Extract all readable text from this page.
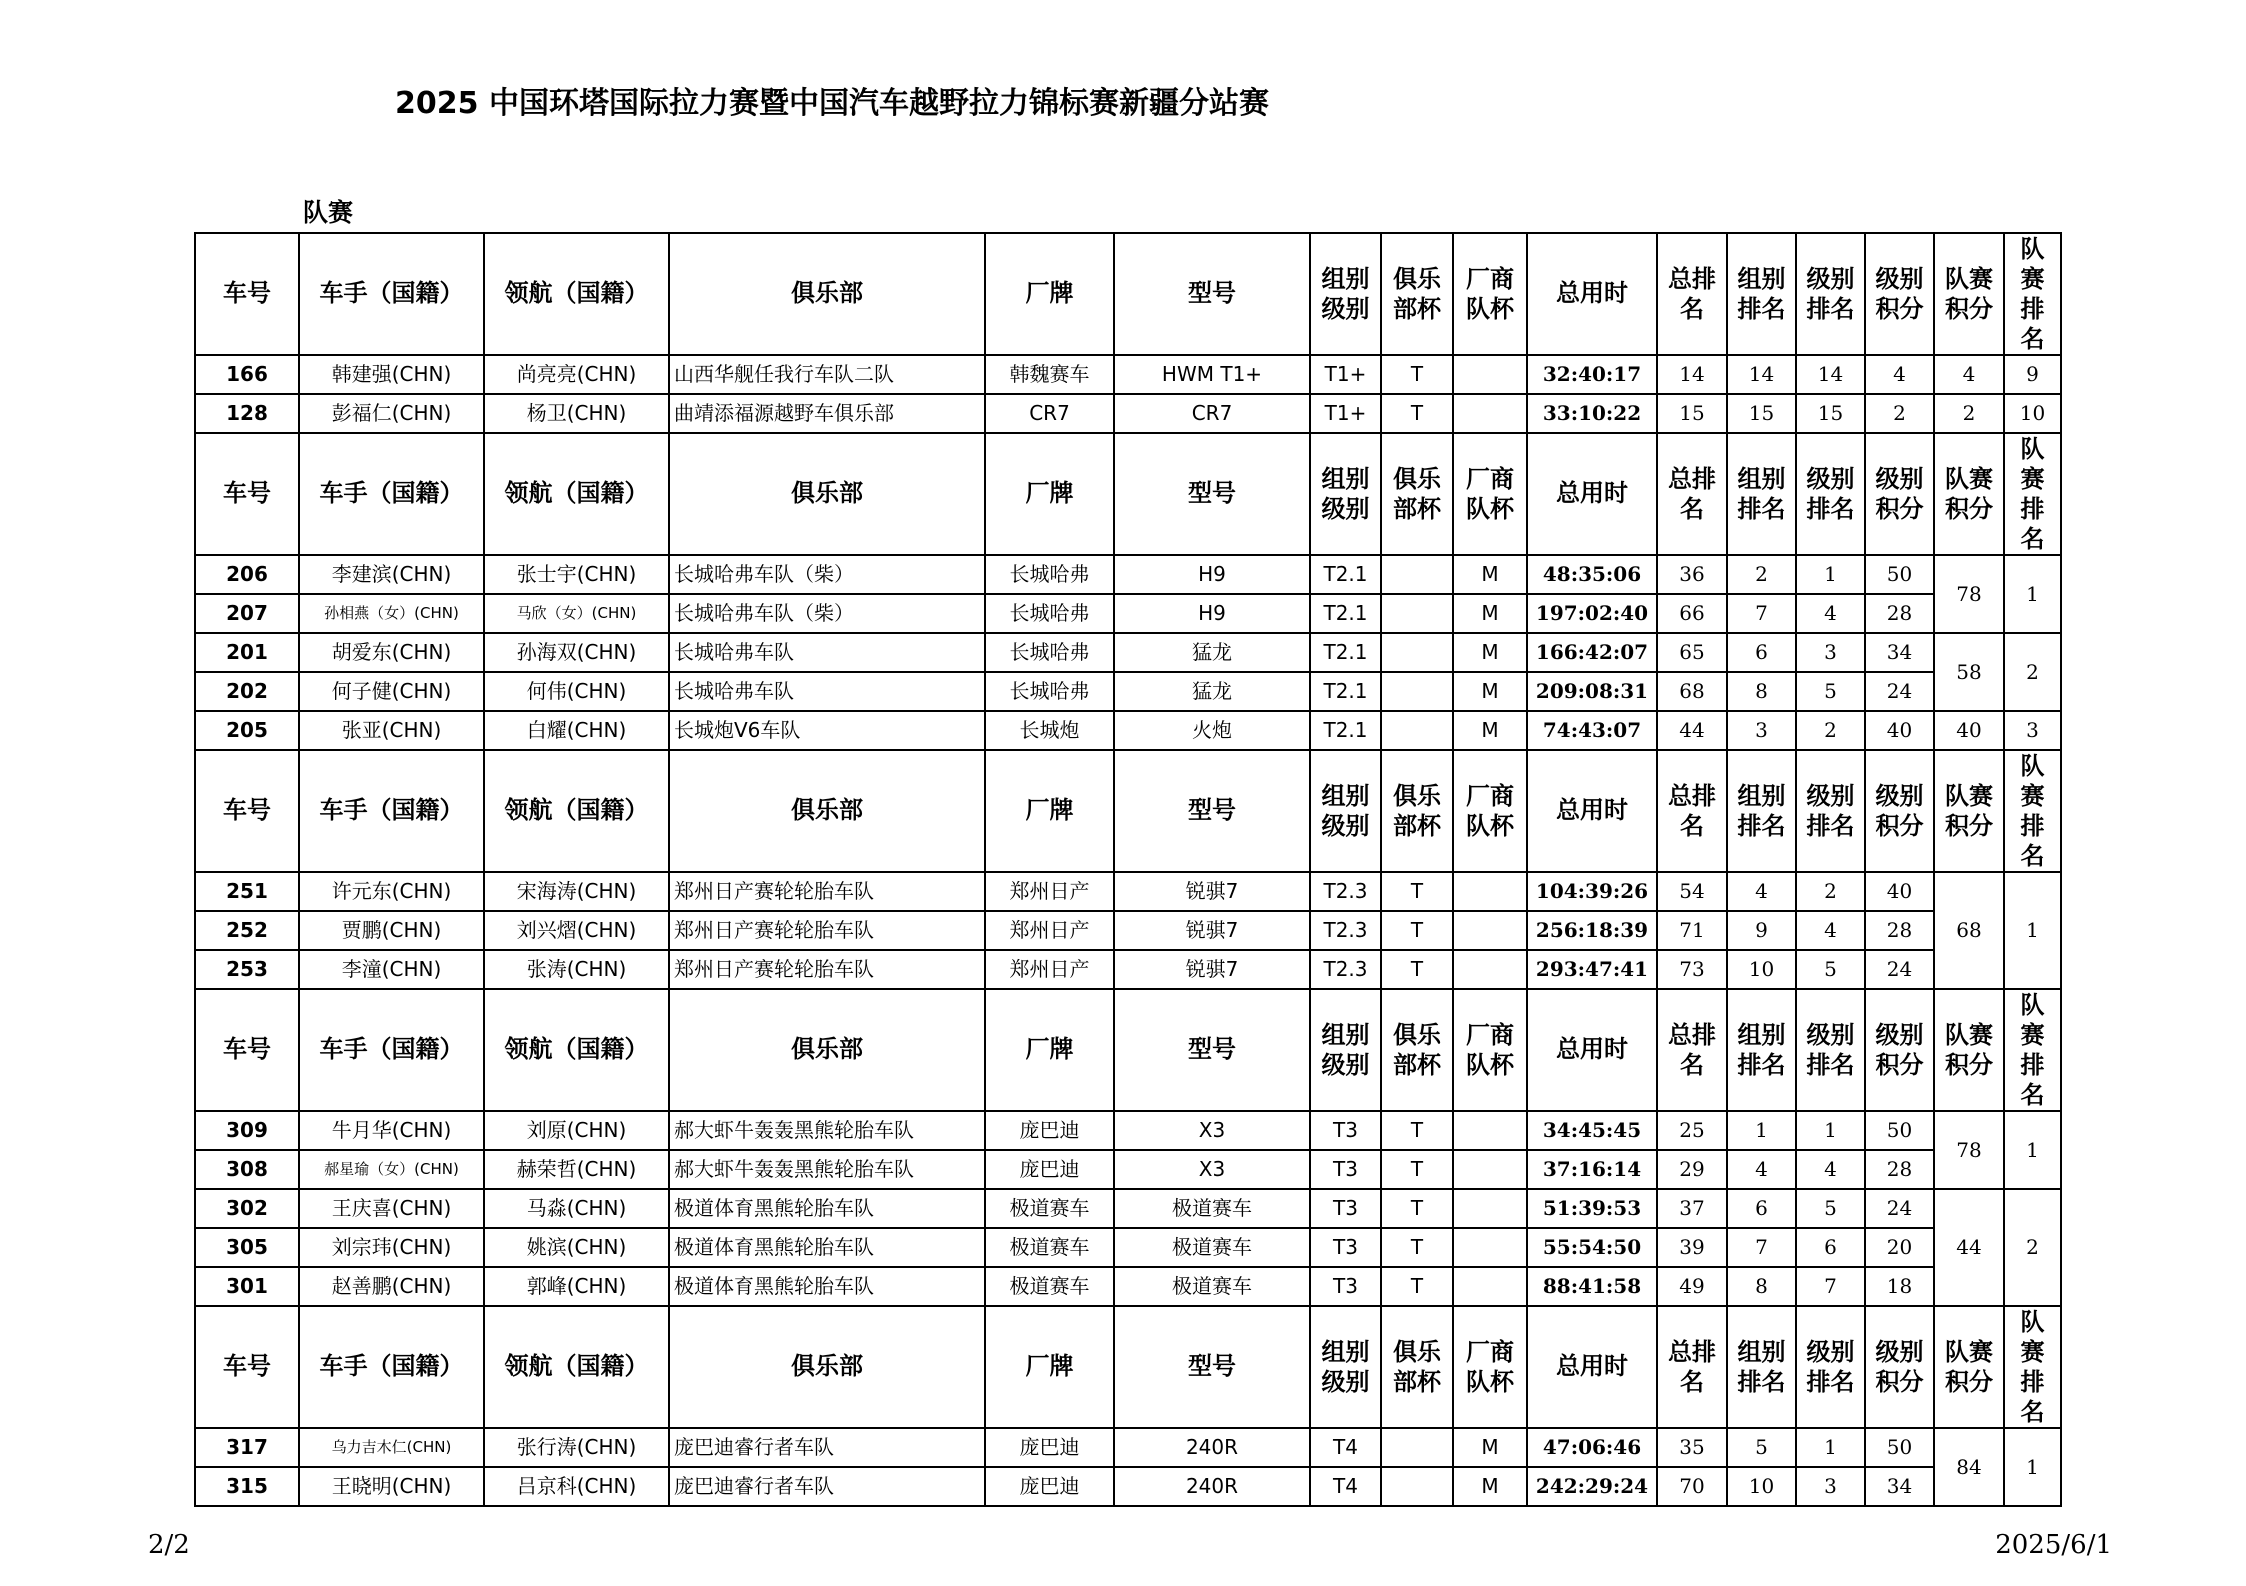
2025 中国环塔国际拉力赛暨中国汽车越野拉力锦标赛新疆分站赛
队赛
车号	车手（国籍）	领航（国籍）	俱乐部	厂牌	型号	组别级别	俱乐部杯	厂商队杯	总用时	总排名	组别排名	级别排名	级别积分	队赛积分	队赛排名
166	韩建强(CHN)	尚亮亮(CHN)	山西华舰任我行车队二队	韩魏赛车	HWM T1+	T1+	T		32:40:17	14	14	14	4	4	9
128	彭福仁(CHN)	杨卫(CHN)	曲靖添福源越野车俱乐部	CR7	CR7	T1+	T		33:10:22	15	15	15	2	2	10
车号	车手（国籍）	领航（国籍）	俱乐部	厂牌	型号	组别级别	俱乐部杯	厂商队杯	总用时	总排名	组别排名	级别排名	级别积分	队赛积分	队赛排名
206	李建滨(CHN)	张士宇(CHN)	长城哈弗车队（柴）	长城哈弗	H9	T2.1		M	48:35:06	36	2	1	50	78	1
207	孙相燕（女）(CHN)	马欣（女）(CHN)	长城哈弗车队（柴）	长城哈弗	H9	T2.1		M	197:02:40	66	7	4	28		
201	胡爱东(CHN)	孙海双(CHN)	长城哈弗车队	长城哈弗	猛龙	T2.1		M	166:42:07	65	6	3	34	58	2
202	何子健(CHN)	何伟(CHN)	长城哈弗车队	长城哈弗	猛龙	T2.1		M	209:08:31	68	8	5	24		
205	张亚(CHN)	白耀(CHN)	长城炮V6车队	长城炮	火炮	T2.1		M	74:43:07	44	3	2	40	40	3
车号	车手（国籍）	领航（国籍）	俱乐部	厂牌	型号	组别级别	俱乐部杯	厂商队杯	总用时	总排名	组别排名	级别排名	级别积分	队赛积分	队赛排名
251	许元东(CHN)	宋海涛(CHN)	郑州日产赛轮轮胎车队	郑州日产	锐骐7	T2.3	T		104:39:26	54	4	2	40	68	1
252	贾鹏(CHN)	刘兴熠(CHN)	郑州日产赛轮轮胎车队	郑州日产	锐骐7	T2.3	T		256:18:39	71	9	4	28		
253	李潼(CHN)	张涛(CHN)	郑州日产赛轮轮胎车队	郑州日产	锐骐7	T2.3	T		293:47:41	73	10	5	24		
车号	车手（国籍）	领航（国籍）	俱乐部	厂牌	型号	组别级别	俱乐部杯	厂商队杯	总用时	总排名	组别排名	级别排名	级别积分	队赛积分	队赛排名
309	牛月华(CHN)	刘原(CHN)	郝大虾牛轰轰黑熊轮胎车队	庞巴迪	X3	T3	T		34:45:45	25	1	1	50	78	1
308	郝星瑜（女）(CHN)	赫荣哲(CHN)	郝大虾牛轰轰黑熊轮胎车队	庞巴迪	X3	T3	T		37:16:14	29	4	4	28		
302	王庆喜(CHN)	马淼(CHN)	极道体育黑熊轮胎车队	极道赛车	极道赛车	T3	T		51:39:53	37	6	5	24	44	2
305	刘宗玮(CHN)	姚滨(CHN)	极道体育黑熊轮胎车队	极道赛车	极道赛车	T3	T		55:54:50	39	7	6	20		
301	赵善鹏(CHN)	郭峰(CHN)	极道体育黑熊轮胎车队	极道赛车	极道赛车	T3	T		88:41:58	49	8	7	18		
车号	车手（国籍）	领航（国籍）	俱乐部	厂牌	型号	组别级别	俱乐部杯	厂商队杯	总用时	总排名	组别排名	级别排名	级别积分	队赛积分	队赛排名
317	乌力吉木仁(CHN)	张行涛(CHN)	庞巴迪睿行者车队	庞巴迪	240R	T4		M	47:06:46	35	5	1	50	84	1
315	王晓明(CHN)	吕京科(CHN)	庞巴迪睿行者车队	庞巴迪	240R	T4		M	242:29:24	70	10	3	34		
2/2	2025/6/1
